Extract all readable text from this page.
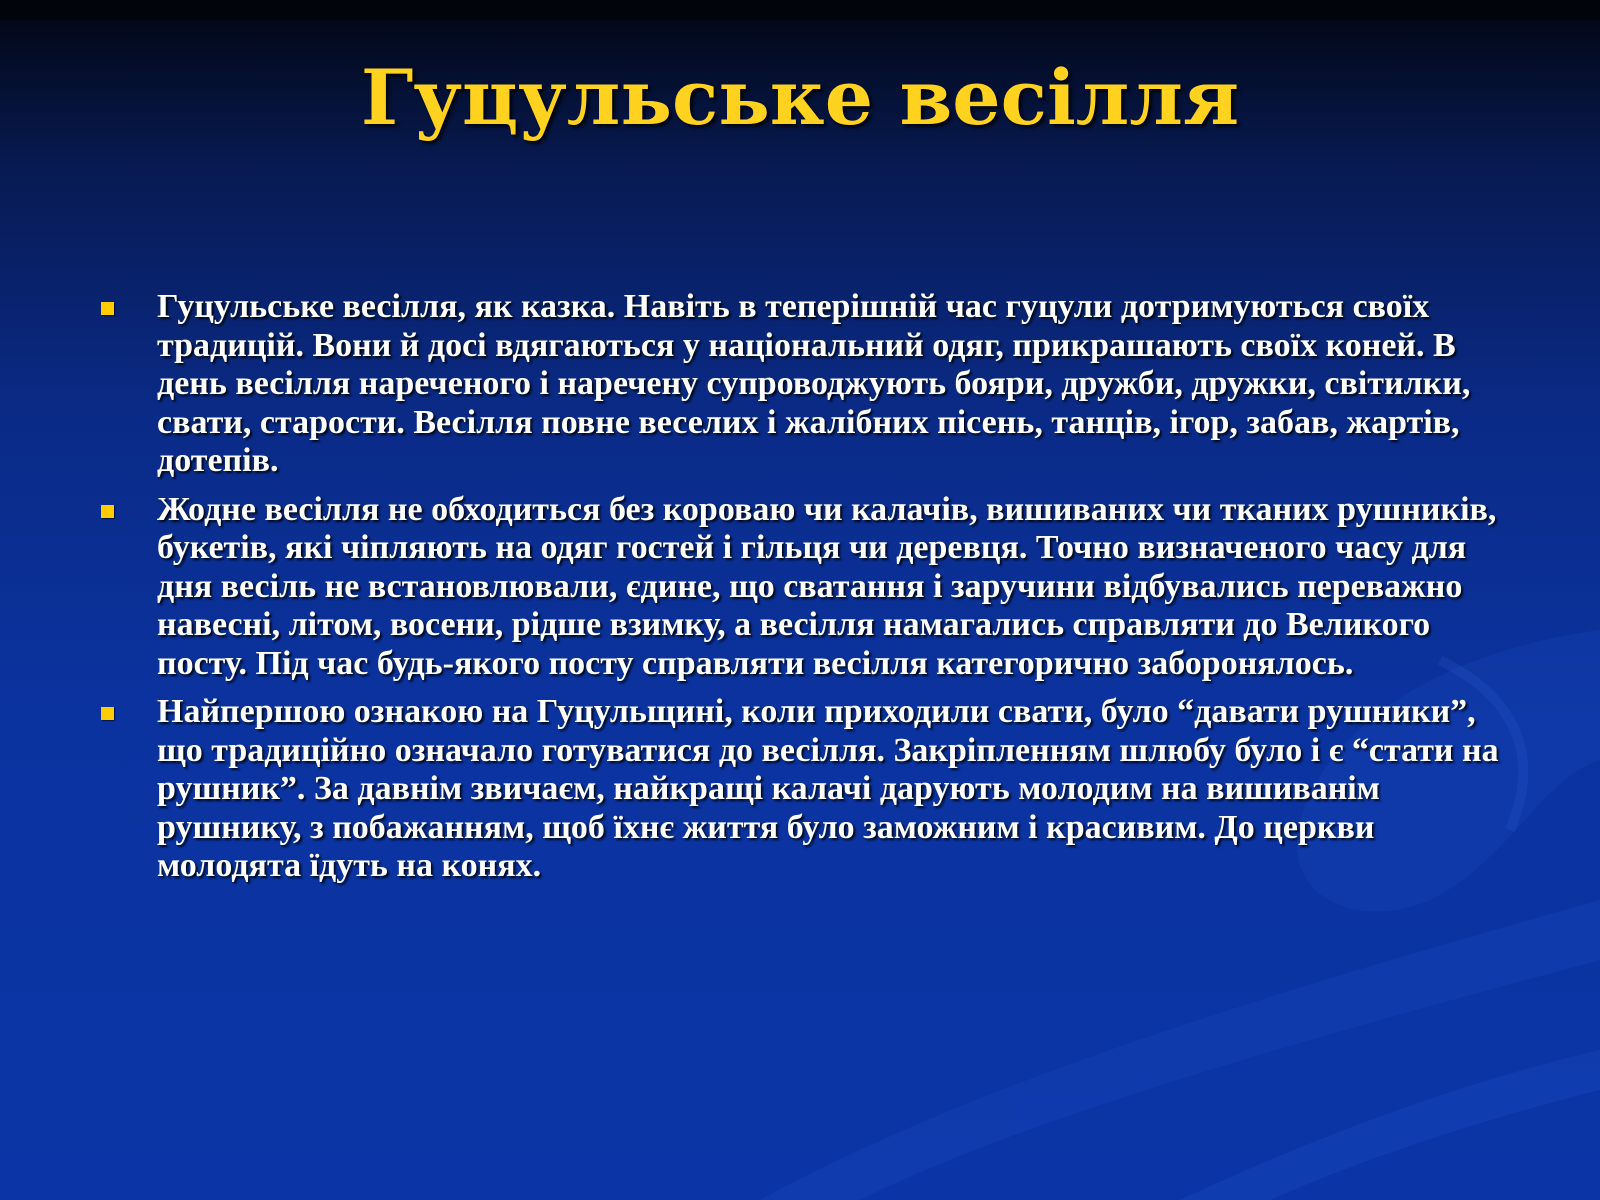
Гуцульське весілля
Гуцульське весілля, як казка. Навіть в теперішній час гуцули дотримуються своїх традицій. Вони й досі вдягаються у національний одяг, прикрашають своїх коней. В день весілля нареченого і наречену супроводжують бояри, дружби, дружки, світилки, свати, старости. Весілля повне веселих і жалібних пісень, танців, ігор, забав, жартів, дотепів.
Жодне весілля не обходиться без короваю чи калачів, вишиваних чи тканих рушників, букетів, які чіпляють на одяг гостей і гільця чи деревця. Точно визначеного часу для дня весіль не встановлювали, єдине, що сватання і заручини відбувались переважно навесні, літом, восени, рідше взимку, а весілля намагались справляти до Великого посту. Під час будь-якого посту справляти весілля категорично заборонялось.
Найпершою ознакою на Гуцульщині, коли приходили свати, було “давати рушники”, що традиційно означало готуватися до весілля. Закріпленням шлюбу було і є “стати на рушник”. За давнім звичаєм, найкращі калачі дарують молодим на вишиванім рушнику, з побажанням, щоб їхнє життя було заможним і красивим. До церкви молодята їдуть на конях.
